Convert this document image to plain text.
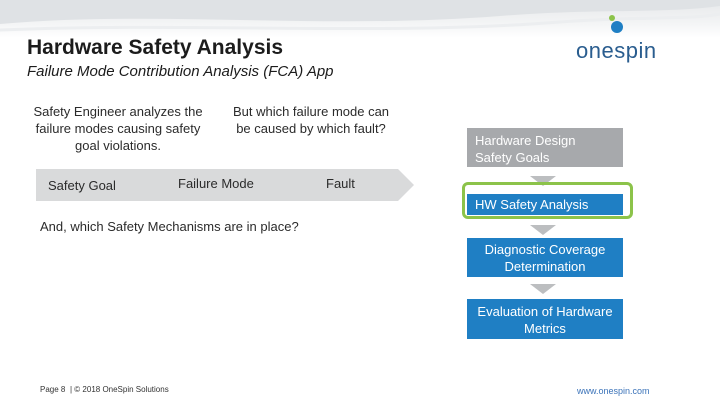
Hardware Safety Analysis
Failure Mode Contribution Analysis (FCA) App
onespin
Safety Engineer analyzes the failure modes causing safety goal violations.
But which failure mode can be caused by which fault?
Safety Goal	Failure Mode	Fault
And, which Safety Mechanisms are in place?
Hardware Design Safety Goals
HW Safety Analysis
Diagnostic Coverage Determination
Evaluation of Hardware Metrics
Page 8 | © 2018 OneSpin Solutions	www.onespin.com
